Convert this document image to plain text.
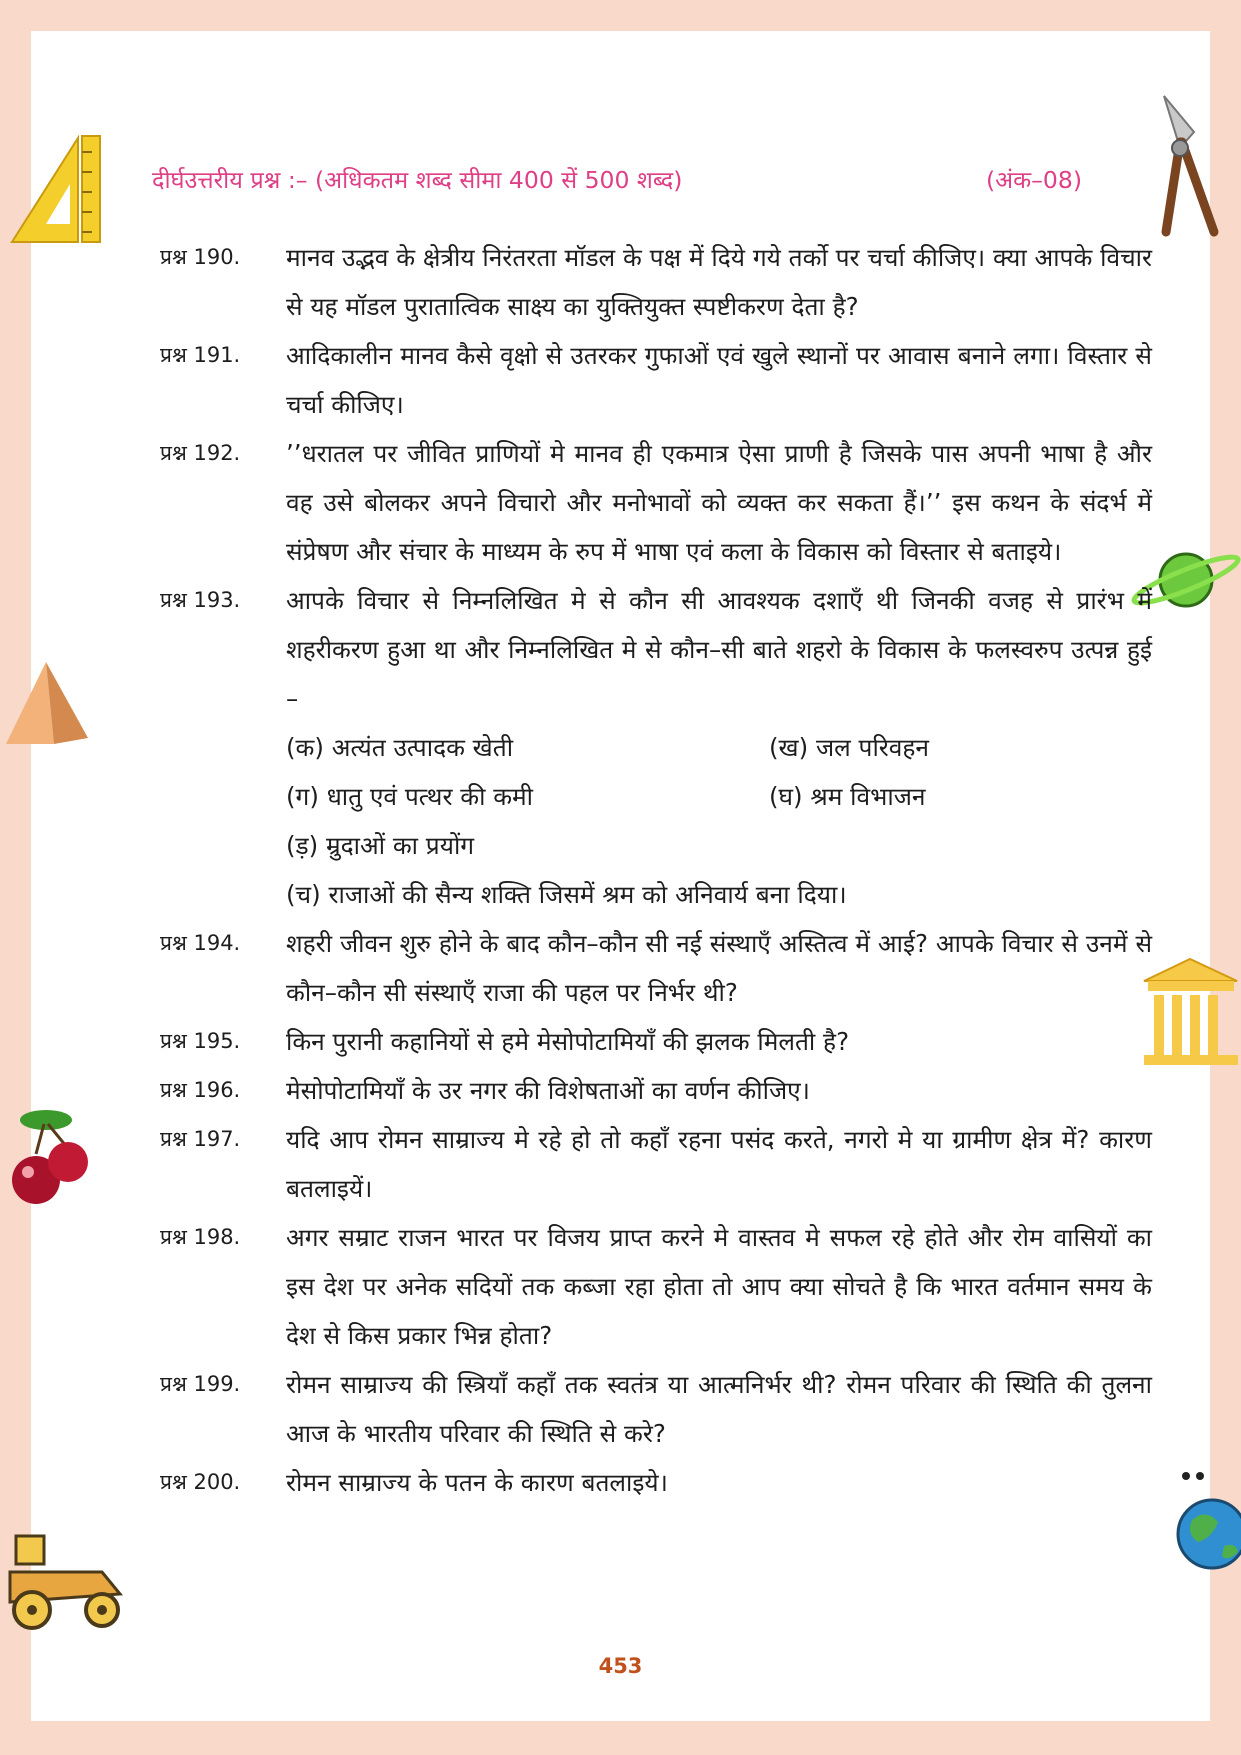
दीर्घउत्तरीय प्रश्न :– (अधिकतम शब्द सीमा 400 सें 500 शब्द)	(अंक–08)
प्रश्न 190.	मानव उद्भव के क्षेत्रीय निरंतरता मॉडल के पक्ष में दिये गये तर्को पर चर्चा कीजिए। क्या आपके विचार से यह मॉडल पुरातात्विक साक्ष्य का युक्तियुक्त स्पष्टीकरण देता है?

प्रश्न 191.	आदिकालीन मानव कैसे वृक्षो से उतरकर गुफाओं एवं खुले स्थानों पर आवास बनाने लगा। विस्तार से चर्चा कीजिए।

प्रश्न 192.	’’धरातल पर जीवित प्राणियों मे मानव ही एकमात्र ऐसा प्राणी है जिसके पास अपनी भाषा है और वह उसे बोलकर अपने विचारो और मनोभावों को व्यक्त कर सकता हैं।’’ इस कथन के संदर्भ में संप्रेषण और संचार के माध्यम के रुप में भाषा एवं कला के विकास को विस्तार से बताइये।

प्रश्न 193.	आपके विचार से निम्नलिखित मे से कौन सी आवश्यक दशाएँ थी जिनकी वजह से प्रारंभ में शहरीकरण हुआ था और निम्नलिखित मे से कौन–सी बाते शहरो के विकास के फलस्वरुप उत्पन्न हुई –

(क) अत्यंत उत्पादक खेती	(ख) जल परिवहन
(ग) धातु एवं पत्थर की कमी	(घ) श्रम विभाजन
(ड़) म्रुदाओं का प्रयोंग
(च) राजाओं की सैन्य शक्ति जिसमें श्रम को अनिवार्य बना दिया।
प्रश्न 194.	शहरी जीवन शुरु होने के बाद कौन–कौन सी नई संस्थाएँ अस्तित्व में आई? आपके विचार से उनमें से कौन–कौन सी संस्थाएँ राजा की पहल पर निर्भर थी?

प्रश्न 195.	किन पुरानी कहानियों से हमे मेसोपोटामियाँ की झलक मिलती है?

प्रश्न 196.	मेसोपोटामियाँ के उर नगर की विशेषताओं का वर्णन कीजिए।

प्रश्न 197.	यदि आप रोमन साम्राज्य मे रहे हो तो कहाँ रहना पसंद करते, नगरो मे या ग्रामीण क्षेत्र में? कारण बतलाइयें।

प्रश्न 198.	अगर सम्राट राजन भारत पर विजय प्राप्त करने मे वास्तव मे सफल रहे होते और रोम वासियों का इस देश पर अनेक सदियों तक कब्जा रहा होता तो आप क्या सोचते है कि भारत वर्तमान समय के देश से किस प्रकार भिन्न होता?

प्रश्न 199.	रोमन साम्राज्य की स्त्रियाँ कहाँ तक स्वतंत्र या आत्मनिर्भर थी? रोमन परिवार की स्थिति की तुलना आज के भारतीय परिवार की स्थिति से करे?

प्रश्न 200.	रोमन साम्राज्य के पतन के कारण बतलाइये।

453
